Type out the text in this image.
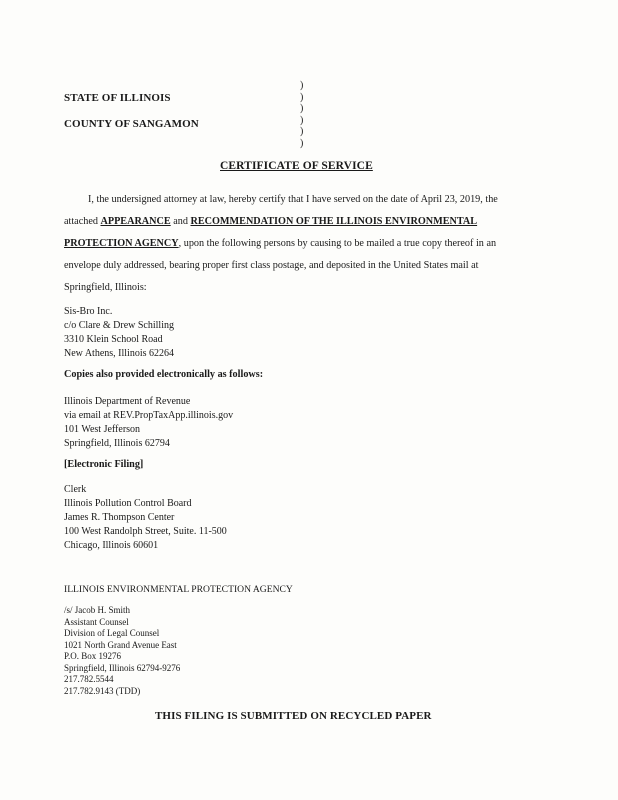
STATE OF ILLINOIS
COUNTY OF SANGAMON
)
)
)
)
)
)
CERTIFICATE OF SERVICE
I, the undersigned attorney at law, hereby certify that I have served on the date of April 23, 2019, the
attached APPEARANCE and RECOMMENDATION OF THE ILLINOIS ENVIRONMENTAL
PROTECTION AGENCY, upon the following persons by causing to be mailed a true copy thereof in an
envelope duly addressed, bearing proper first class postage, and deposited in the United States mail at
Springfield, Illinois:
Sis-Bro Inc.
c/o Clare & Drew Schilling
3310 Klein School Road
New Athens, Illinois 62264
Copies also provided electronically as follows:
Illinois Department of Revenue
via email at REV.PropTaxApp.illinois.gov
101 West Jefferson
Springfield, Illinois 62794
[Electronic Filing]
Clerk
Illinois Pollution Control Board
James R. Thompson Center
100 West Randolph Street, Suite. 11-500
Chicago, Illinois 60601
ILLINOIS ENVIRONMENTAL PROTECTION AGENCY
/s/ Jacob H. Smith
Assistant Counsel
Division of Legal Counsel
1021 North Grand Avenue East
P.O. Box 19276
Springfield, Illinois 62794-9276
217.782.5544
217.782.9143 (TDD)
THIS FILING IS SUBMITTED ON RECYCLED PAPER
